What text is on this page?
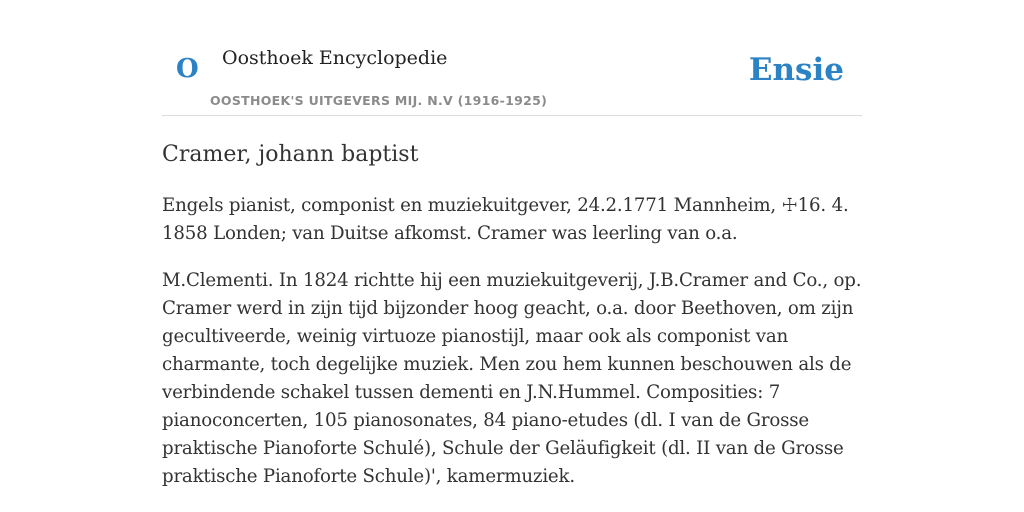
O Oosthoek Encyclopedie
OOSTHOEK'S UITGEVERS MIJ. N.V (1916-1925)
Ensie
Cramer, johann baptist

Engels pianist, componist en muziekuitgever, 24.2.1771 Mannheim, ☩16. 4. 1858 Londen; van Duitse afkomst. Cramer was leerling van o.a.

M.Clementi. In 1824 richtte hij een muziekuitgeverij, J.B.Cramer and Co., op. Cramer werd in zijn tijd bijzonder hoog geacht, o.a. door Beethoven, om zijn gecultiveerde, weinig virtuoze pianostijl, maar ook als componist van charmante, toch degelijke muziek. Men zou hem kunnen beschouwen als de verbindende schakel tussen dementi en J.N.Hummel. Composities: 7 pianoconcerten, 105 pianosonates, 84 piano-etudes (dl. I van de Grosse praktische Pianoforte Schulé), Schule der Geläufigkeit (dl. II van de Grosse praktische Pianoforte Schule)', kamermuziek.
